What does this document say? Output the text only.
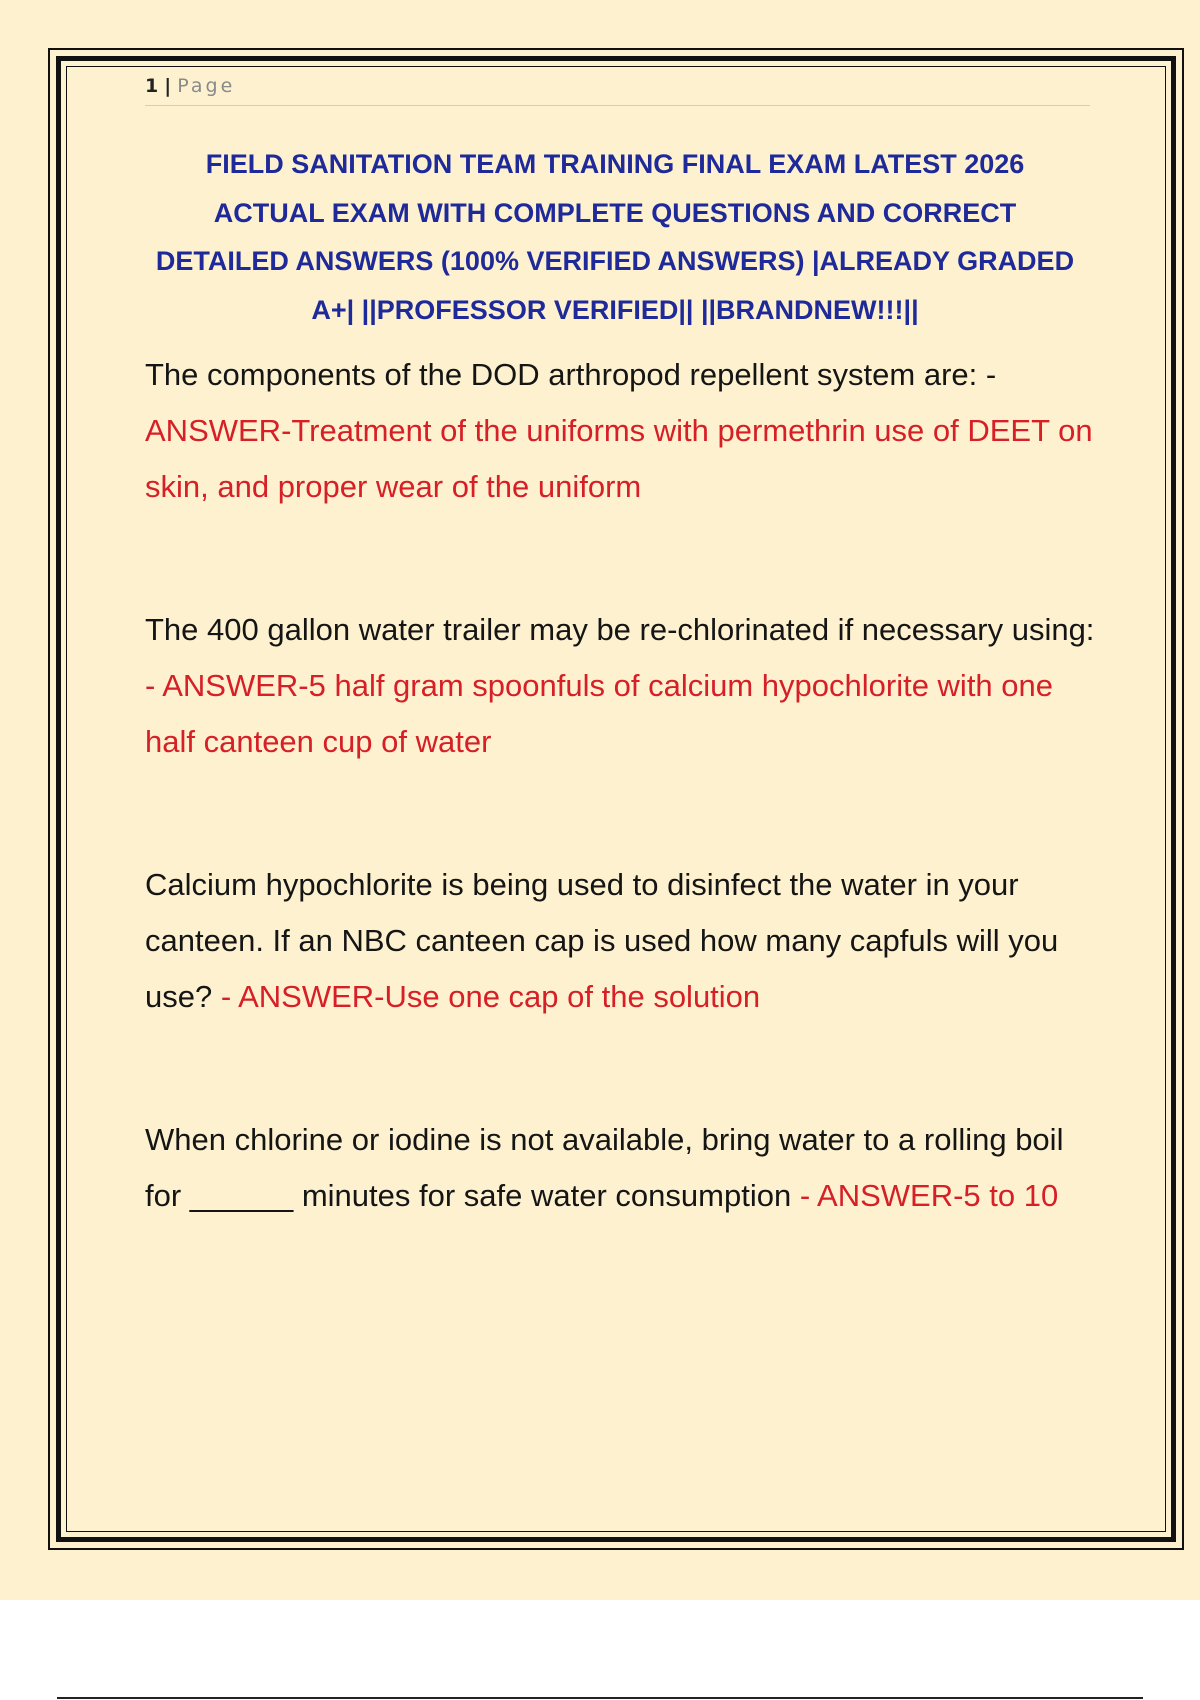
1 | Page
FIELD SANITATION TEAM TRAINING FINAL EXAM LATEST 2026 ACTUAL EXAM WITH COMPLETE QUESTIONS AND CORRECT DETAILED ANSWERS (100% VERIFIED ANSWERS) |ALREADY GRADED A+| ||PROFESSOR VERIFIED|| ||BRANDNEW!!!||
The components of the DOD arthropod repellent system are: - ANSWER-Treatment of the uniforms with permethrin use of DEET on skin, and proper wear of the uniform
The 400 gallon water trailer may be re-chlorinated if necessary using: - ANSWER-5 half gram spoonfuls of calcium hypochlorite with one half canteen cup of water
Calcium hypochlorite is being used to disinfect the water in your canteen. If an NBC canteen cap is used how many capfuls will you use? - ANSWER-Use one cap of the solution
When chlorine or iodine is not available, bring water to a rolling boil for ______ minutes for safe water consumption - ANSWER-5 to 10
